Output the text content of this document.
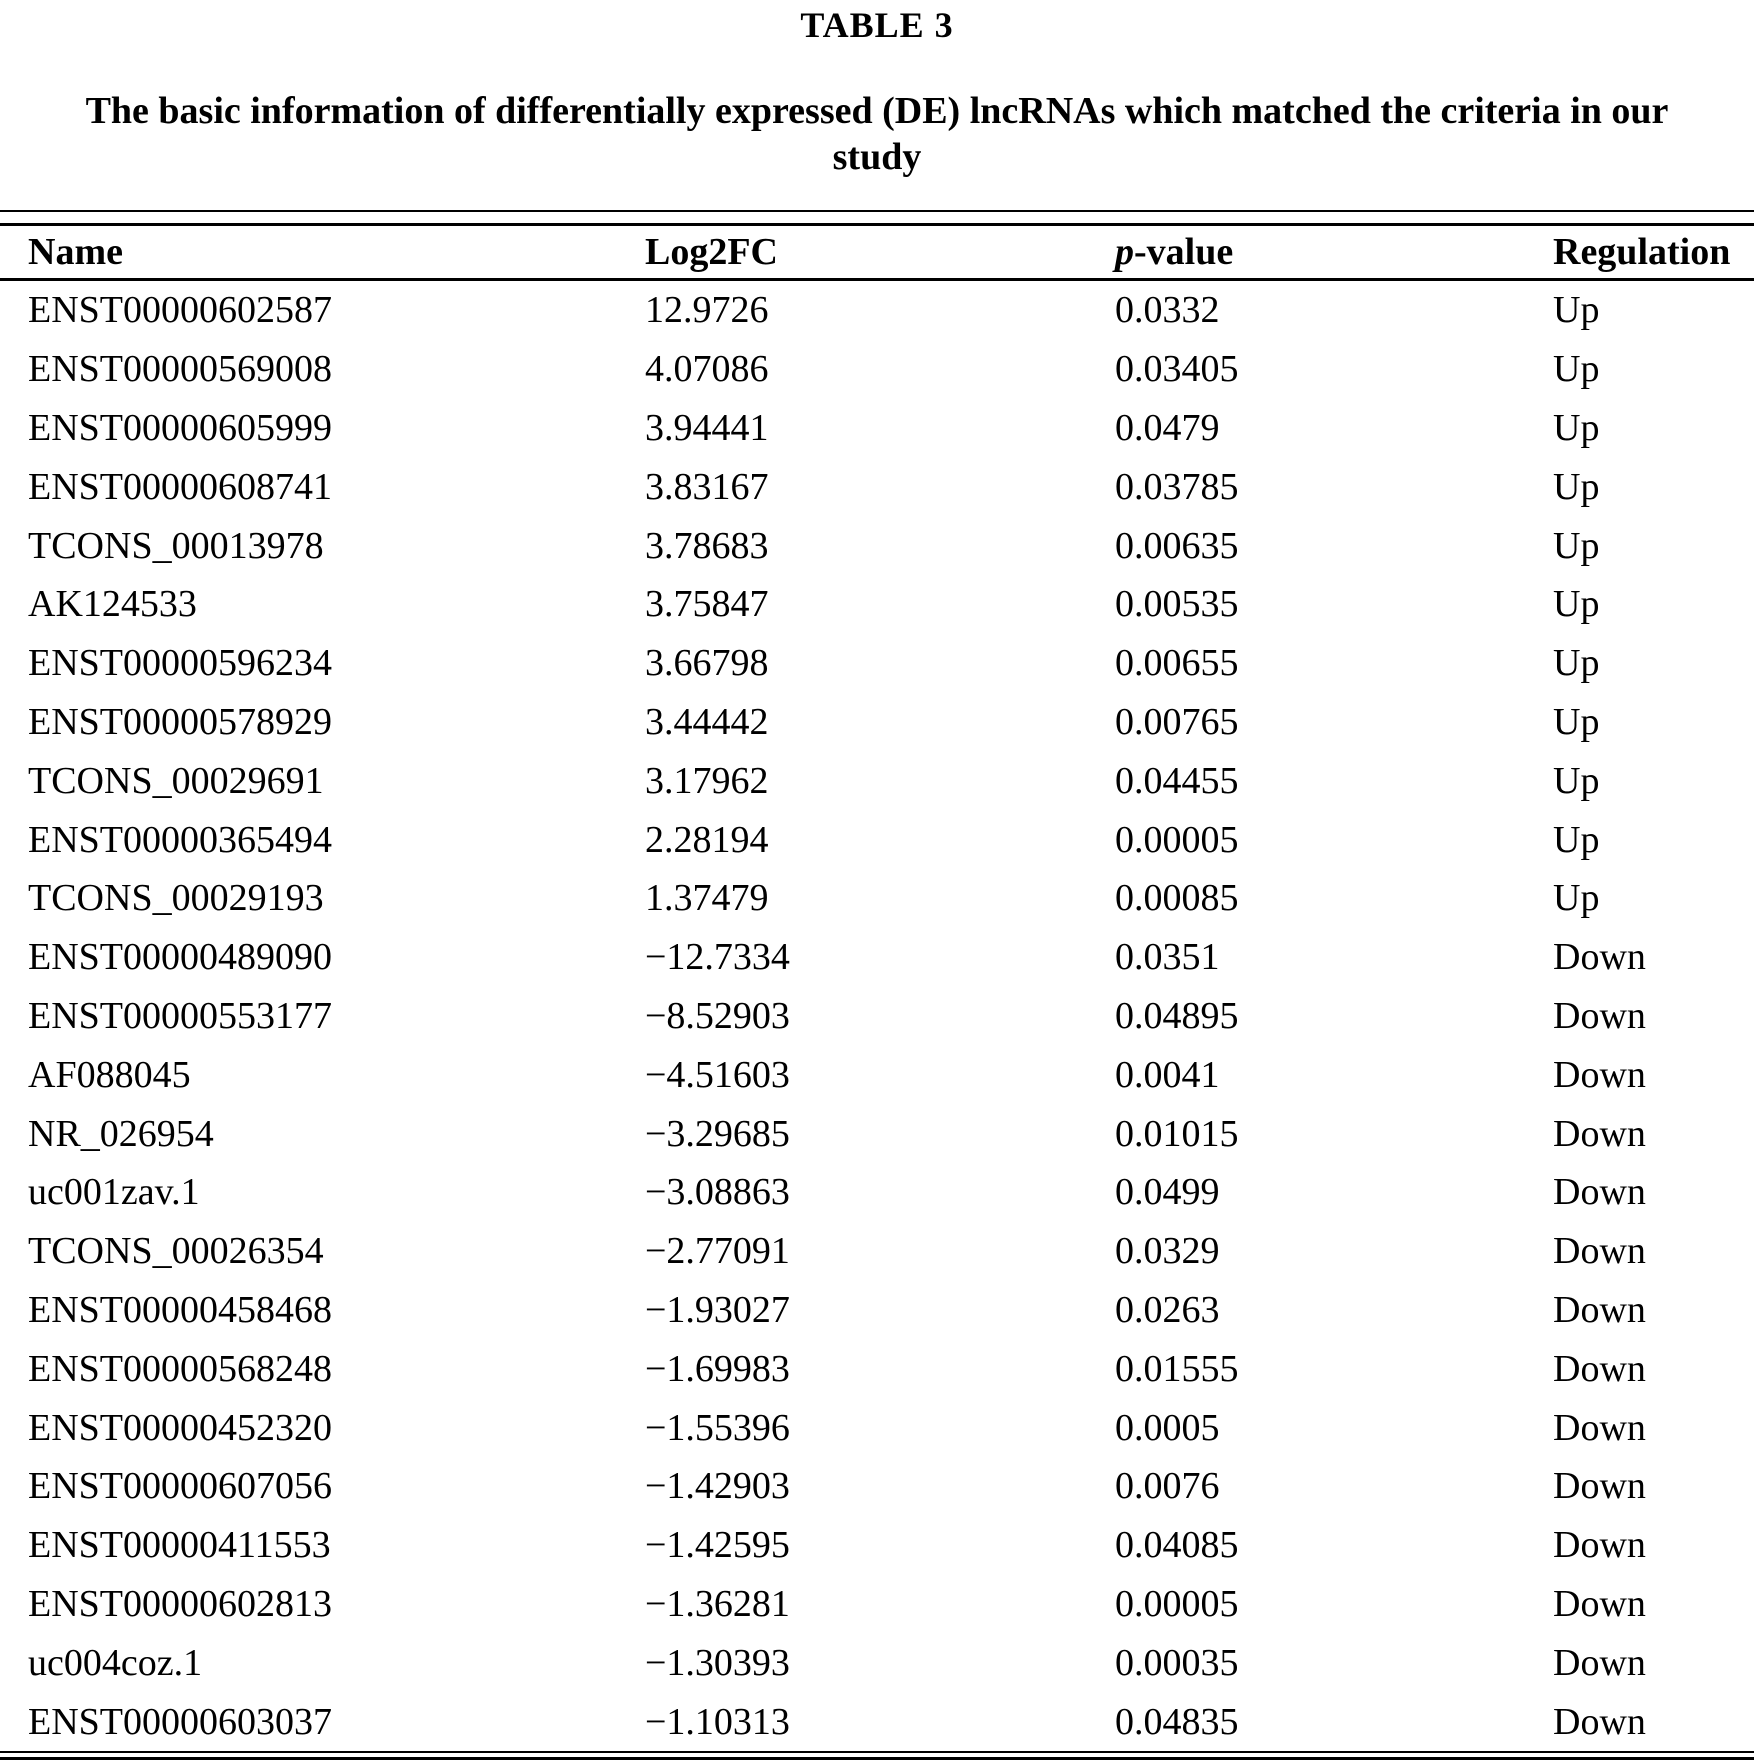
TABLE 3
The basic information of differentially expressed (DE) lncRNAs which matched the criteria in our study
Name	Log2FC	p-value	Regulation
ENST00000602587	12.9726	0.0332	Up
ENST00000569008	4.07086	0.03405	Up
ENST00000605999	3.94441	0.0479	Up
ENST00000608741	3.83167	0.03785	Up
TCONS_00013978	3.78683	0.00635	Up
AK124533	3.75847	0.00535	Up
ENST00000596234	3.66798	0.00655	Up
ENST00000578929	3.44442	0.00765	Up
TCONS_00029691	3.17962	0.04455	Up
ENST00000365494	2.28194	0.00005	Up
TCONS_00029193	1.37479	0.00085	Up
ENST00000489090	−12.7334	0.0351	Down
ENST00000553177	−8.52903	0.04895	Down
AF088045	−4.51603	0.0041	Down
NR_026954	−3.29685	0.01015	Down
uc001zav.1	−3.08863	0.0499	Down
TCONS_00026354	−2.77091	0.0329	Down
ENST00000458468	−1.93027	0.0263	Down
ENST00000568248	−1.69983	0.01555	Down
ENST00000452320	−1.55396	0.0005	Down
ENST00000607056	−1.42903	0.0076	Down
ENST00000411553	−1.42595	0.04085	Down
ENST00000602813	−1.36281	0.00005	Down
uc004coz.1	−1.30393	0.00035	Down
ENST00000603037	−1.10313	0.04835	Down
